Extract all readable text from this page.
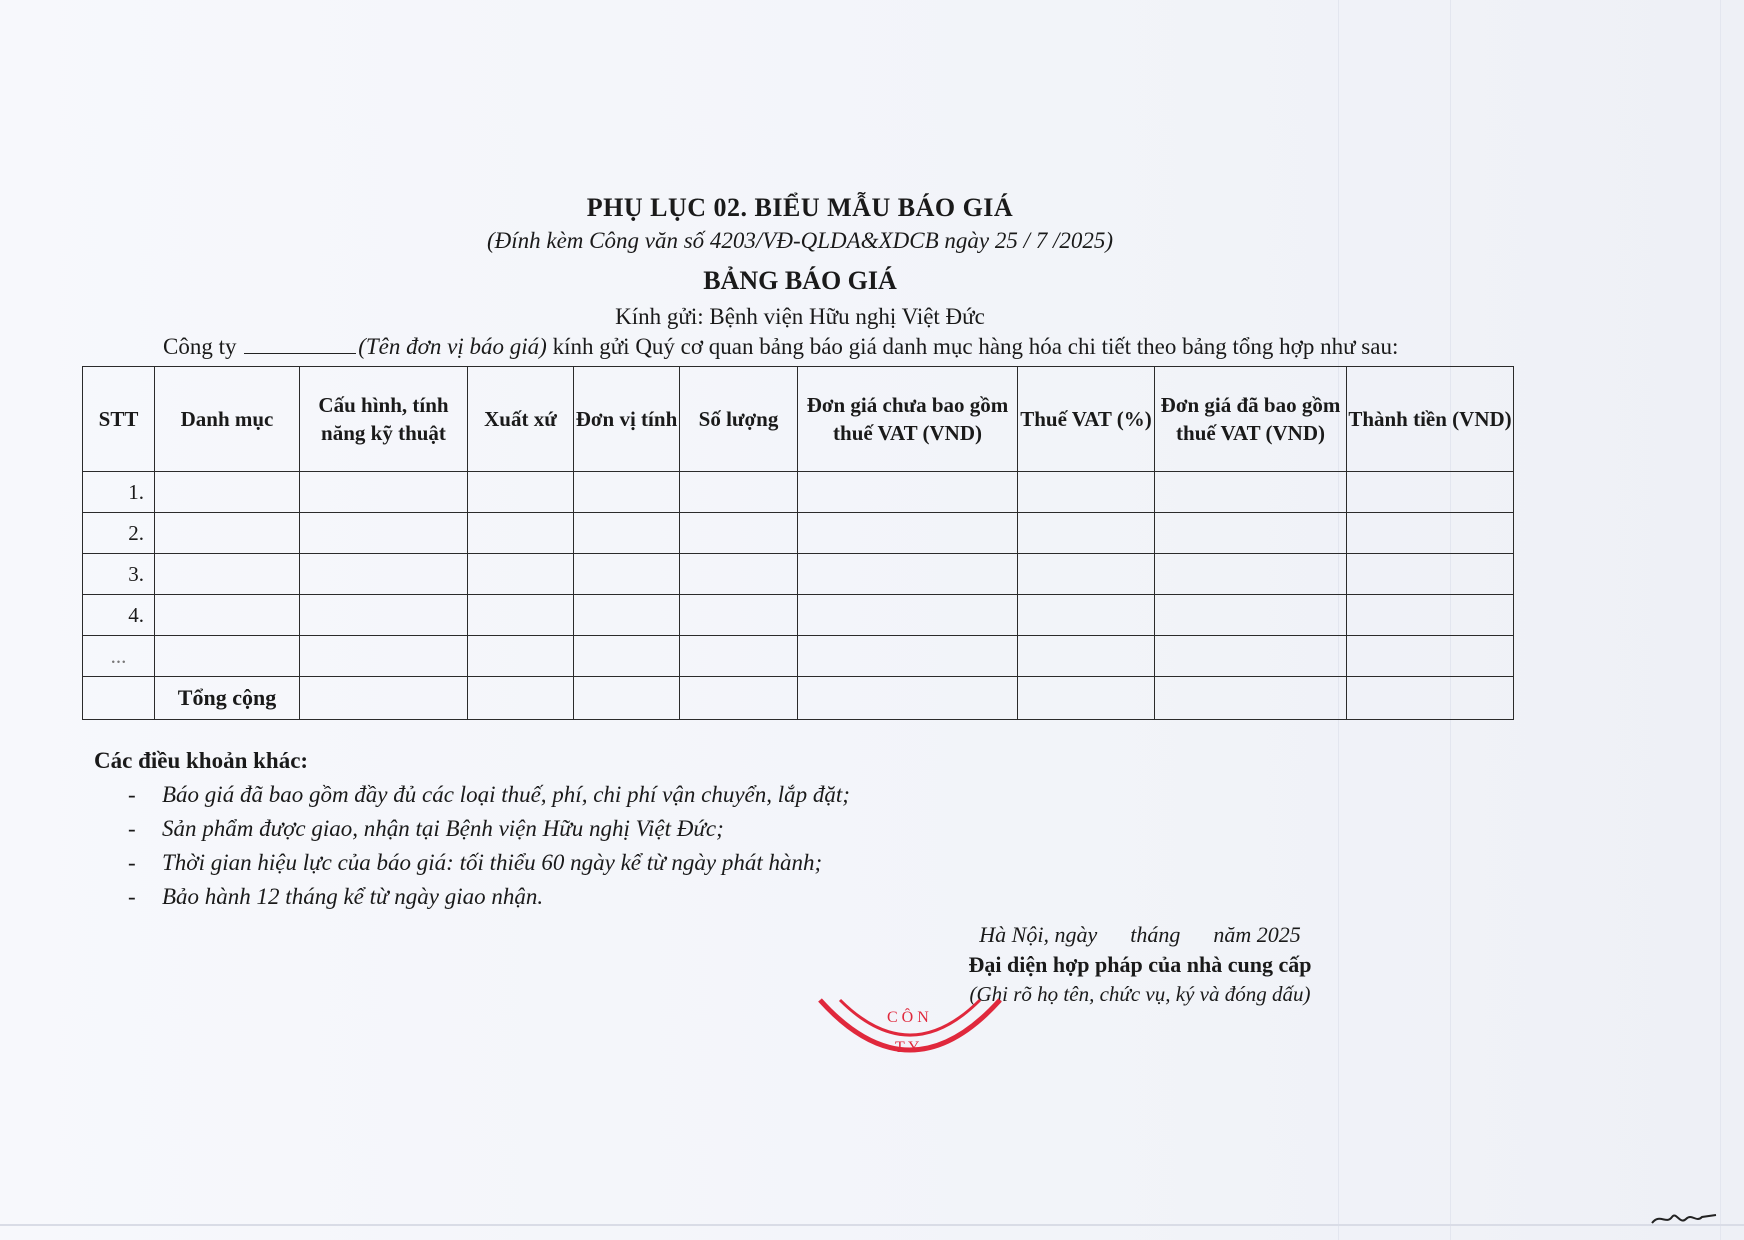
PHỤ LỤC 02. BIỂU MẪU BÁO GIÁ
(Đính kèm Công văn số 4203/VĐ-QLDA&XDCB ngày 25 / 7 /2025)
BẢNG BÁO GIÁ
Kính gửi: Bệnh viện Hữu nghị Việt Đức
Công ty	(Tên đơn vị báo giá) kính gửi Quý cơ quan bảng báo giá danh mục hàng hóa chi tiết theo bảng tổng hợp như sau:
STT	Danh mục	Cấu hình, tính năng kỹ thuật	Xuất xứ	Đơn vị tính	Số lượng	Đơn giá chưa bao gồm thuế VAT (VND)	Thuế VAT (%)	Đơn giá đã bao gồm thuế VAT (VND)	Thành tiền (VND)
1.									
2.									
3.									
4.									
...									
	Tổng cộng								
Các điều khoản khác:
- Báo giá đã bao gồm đầy đủ các loại thuế, phí, chi phí vận chuyển, lắp đặt;
- Sản phẩm được giao, nhận tại Bệnh viện Hữu nghị Việt Đức;
- Thời gian hiệu lực của báo giá: tối thiểu 60 ngày kể từ ngày phát hành;
- Bảo hành 12 tháng kể từ ngày giao nhận.
Hà Nội, ngày      tháng      năm 2025
Đại diện hợp pháp của nhà cung cấp
(Ghi rõ họ tên, chức vụ, ký và đóng dấu)
C Ô N
T Y
